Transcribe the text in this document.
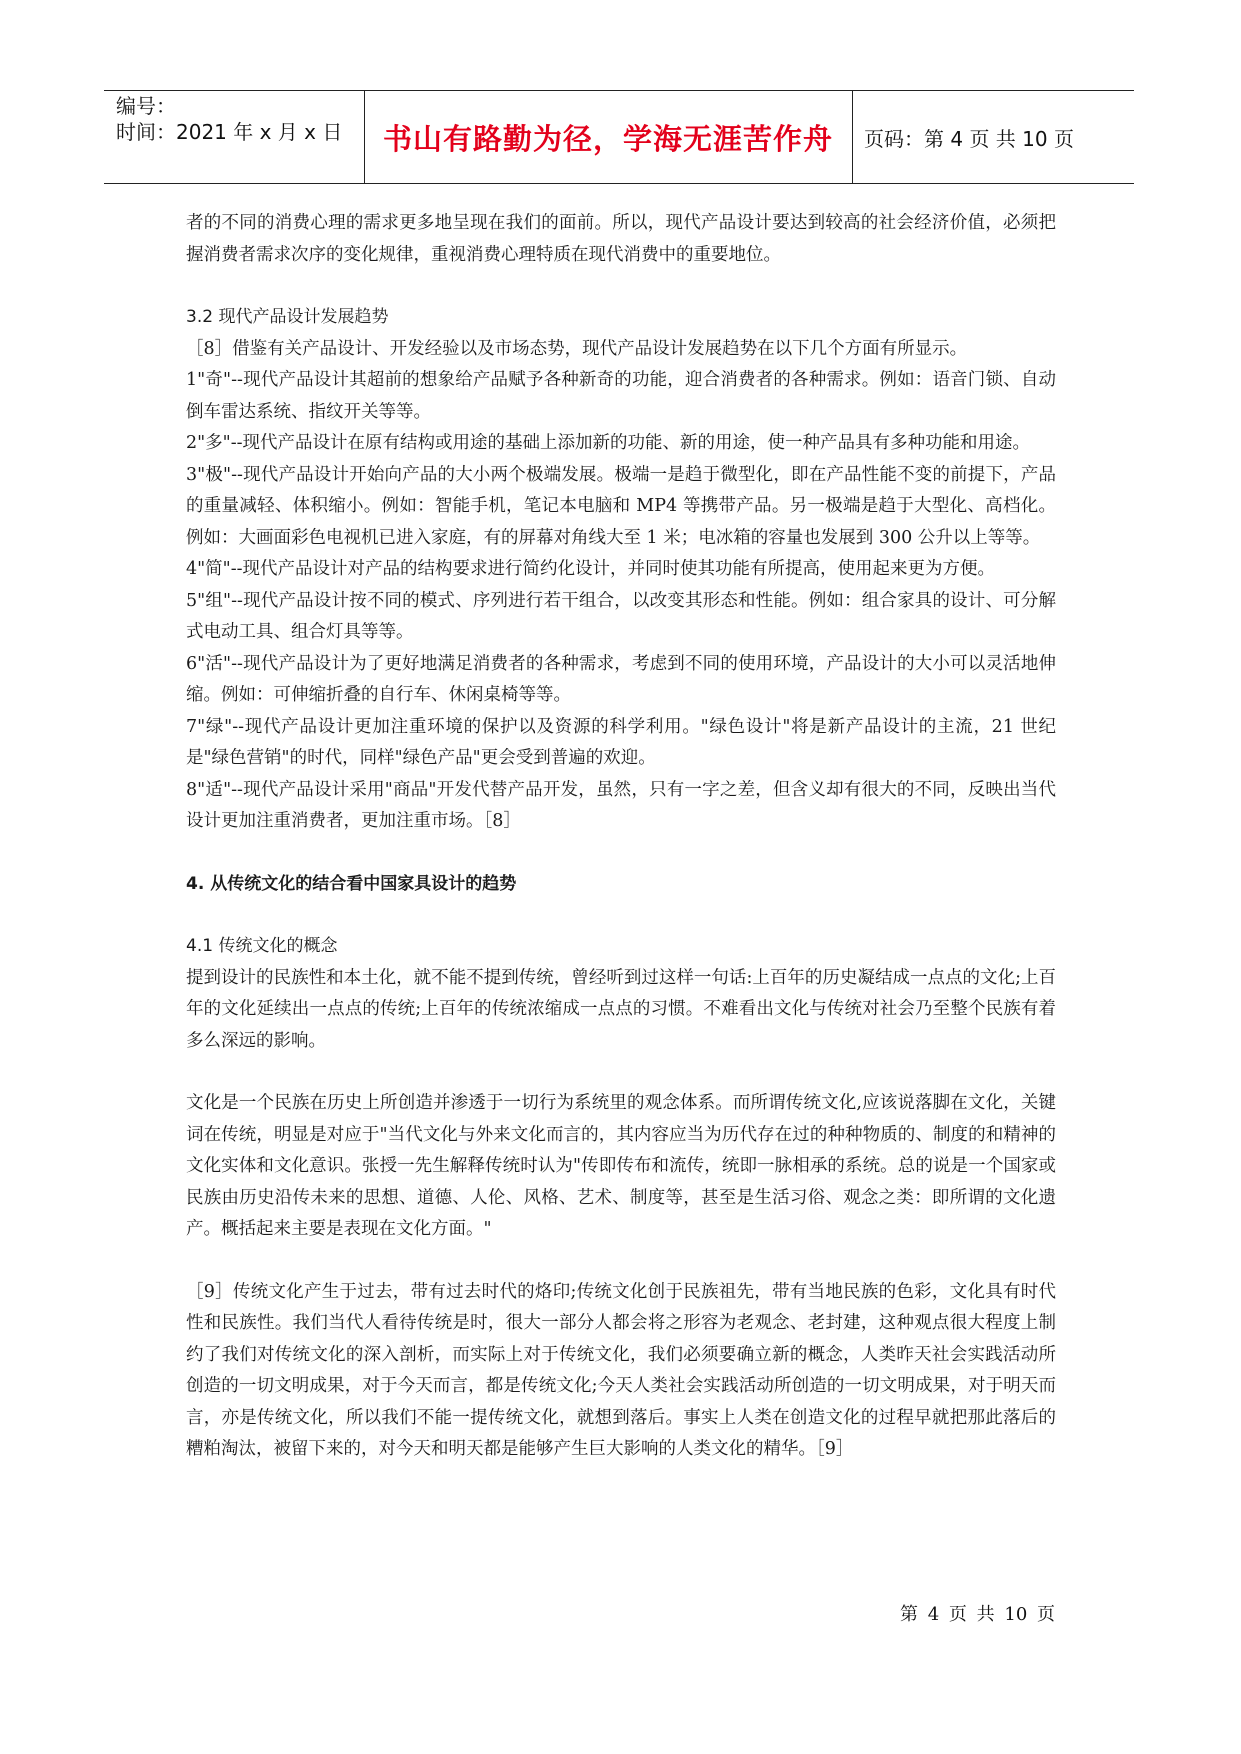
编号：
时间：2021 年 x 月 x 日	书山有路勤为径，学海无涯苦作舟	页码：第 4 页 共 10 页

者的不同的消费心理的需求更多地呈现在我们的面前。所以，现代产品设计要达到较高的社会经济价值，必须把握消费者需求次序的变化规律，重视消费心理特质在现代消费中的重要地位。

3.2 现代产品设计发展趋势

［8］借鉴有关产品设计、开发经验以及市场态势，现代产品设计发展趋势在以下几个方面有所显示。

1"奇"--现代产品设计其超前的想象给产品赋予各种新奇的功能，迎合消费者的各种需求。例如：语音门锁、自动倒车雷达系统、指纹开关等等。

2"多"--现代产品设计在原有结构或用途的基础上添加新的功能、新的用途，使一种产品具有多种功能和用途。

3"极"--现代产品设计开始向产品的大小两个极端发展。极端一是趋于微型化，即在产品性能不变的前提下，产品的重量减轻、体积缩小。例如：智能手机，笔记本电脑和 MP4 等携带产品。另一极端是趋于大型化、高档化。例如：大画面彩色电视机已进入家庭，有的屏幕对角线大至 1 米；电冰箱的容量也发展到 300 公升以上等等。

4"简"--现代产品设计对产品的结构要求进行简约化设计，并同时使其功能有所提高，使用起来更为方便。

5"组"--现代产品设计按不同的模式、序列进行若干组合，以改变其形态和性能。例如：组合家具的设计、可分解式电动工具、组合灯具等等。

6"活"--现代产品设计为了更好地满足消费者的各种需求，考虑到不同的使用环境，产品设计的大小可以灵活地伸缩。例如：可伸缩折叠的自行车、休闲桌椅等等。

7"绿"--现代产品设计更加注重环境的保护以及资源的科学利用。"绿色设计"将是新产品设计的主流，21 世纪是"绿色营销"的时代，同样"绿色产品"更会受到普遍的欢迎。

8"适"--现代产品设计采用"商品"开发代替产品开发，虽然，只有一字之差，但含义却有很大的不同，反映出当代设计更加注重消费者，更加注重市场。［8］

4. 从传统文化的结合看中国家具设计的趋势

4.1 传统文化的概念

提到设计的民族性和本土化，就不能不提到传统，曾经听到过这样一句话:上百年的历史凝结成一点点的文化;上百年的文化延续出一点点的传统;上百年的传统浓缩成一点点的习惯。不难看出文化与传统对社会乃至整个民族有着多么深远的影响。

文化是一个民族在历史上所创造并渗透于一切行为系统里的观念体系。而所谓传统文化,应该说落脚在文化，关键词在传统，明显是对应于"当代文化与外来文化而言的，其内容应当为历代存在过的种种物质的、制度的和精神的文化实体和文化意识。张授一先生解释传统时认为"传即传布和流传，统即一脉相承的系统。总的说是一个国家或民族由历史沿传未来的思想、道德、人伦、风格、艺术、制度等，甚至是生活习俗、观念之类：即所谓的文化遗产。概括起来主要是表现在文化方面。"

［9］传统文化产生于过去，带有过去时代的烙印;传统文化创于民族祖先，带有当地民族的色彩，文化具有时代性和民族性。我们当代人看待传统是时，很大一部分人都会将之形容为老观念、老封建，这种观点很大程度上制约了我们对传统文化的深入剖析，而实际上对于传统文化，我们必须要确立新的概念，人类昨天社会实践活动所创造的一切文明成果，对于今天而言，都是传统文化;今天人类社会实践活动所创造的一切文明成果，对于明天而言，亦是传统文化，所以我们不能一提传统文化，就想到落后。事实上人类在创造文化的过程早就把那此落后的糟粕淘汰，被留下来的，对今天和明天都是能够产生巨大影响的人类文化的精华。［9］

第 4 页 共 10 页
